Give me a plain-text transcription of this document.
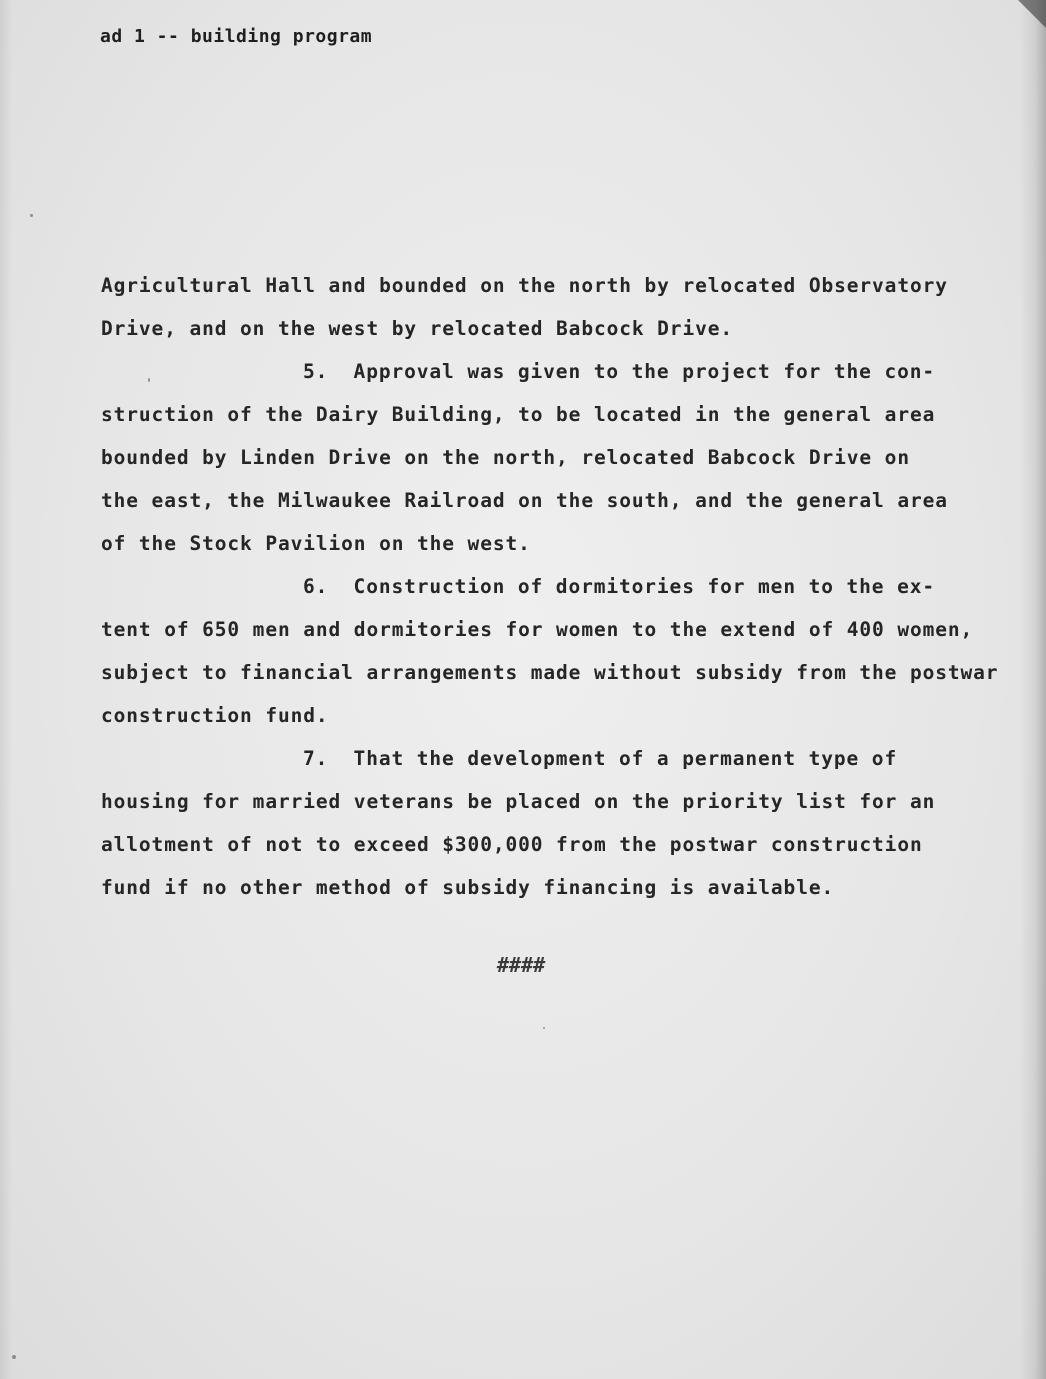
ad 1 -- building program
Agricultural Hall and bounded on the north by relocated Observatory
Drive, and on the west by relocated Babcock Drive.
5.  Approval was given to the project for the con-
struction of the Dairy Building, to be located in the general area
bounded by Linden Drive on the north, relocated Babcock Drive on
the east, the Milwaukee Railroad on the south, and the general area
of the Stock Pavilion on the west.
6.  Construction of dormitories for men to the ex-
tent of 650 men and dormitories for women to the extend of 400 women,
subject to financial arrangements made without subsidy from the postwar
construction fund.
7.  That the development of a permanent type of
housing for married veterans be placed on the priority list for an
allotment of not to exceed $300,000 from the postwar construction
fund if no other method of subsidy financing is available.
####
